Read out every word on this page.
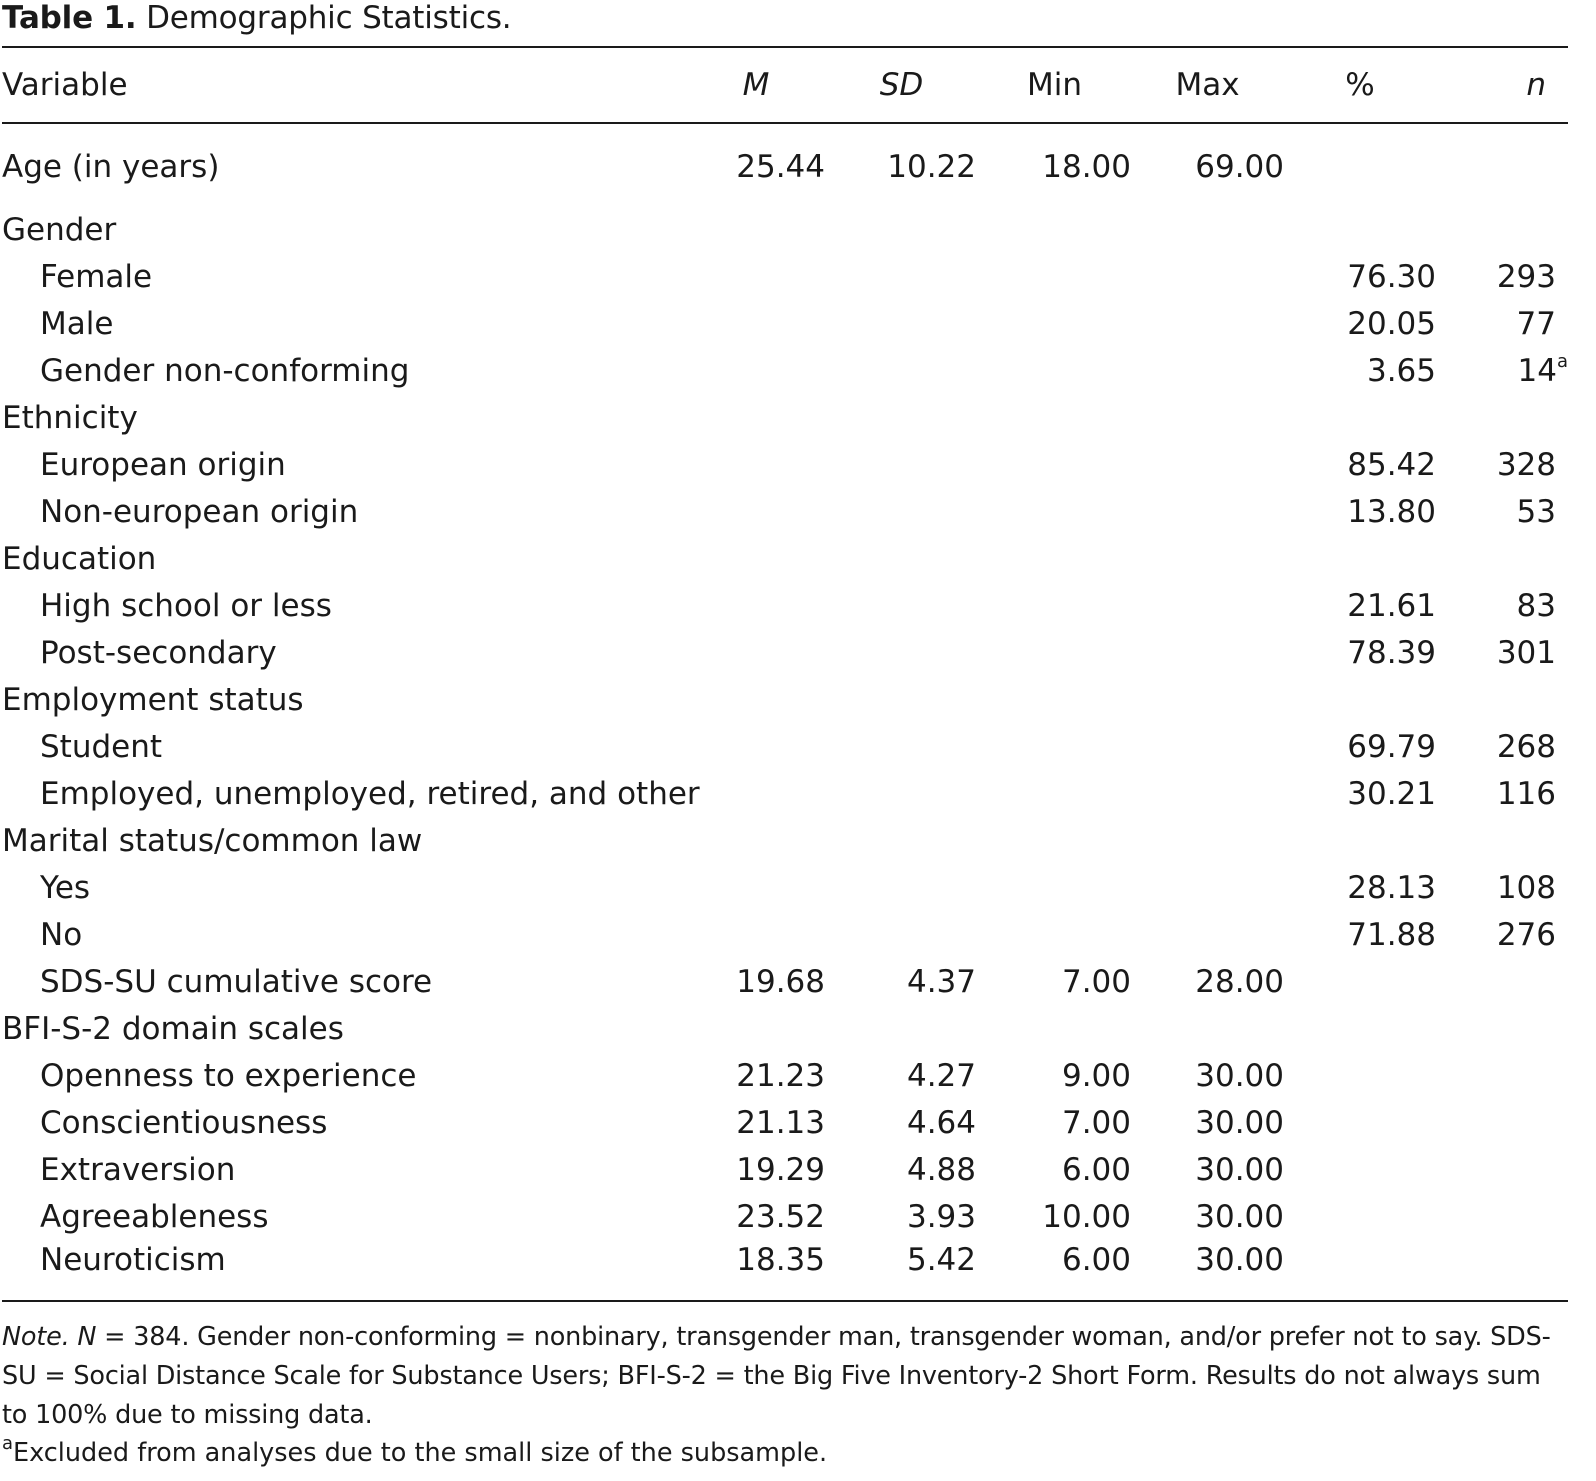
Table 1. Demographic Statistics.
Variable	M	SD	Min	Max	%	n
Age (in years)	25.44	10.22	18.00	69.00		
Gender						
Female					76.30	293
Male					20.05	77
Gender non-conforming					3.65	14$^a$
Ethnicity						
European origin					85.42	328
Non-european origin					13.80	53
Education						
High school or less					21.61	83
Post-secondary					78.39	301
Employment status						
Student					69.79	268
Employed, unemployed, retired, and other					30.21	116
Marital status/common law						
Yes					28.13	108
No					71.88	276
SDS-SU cumulative score	19.68	4.37	7.00	28.00		
BFI-S-2 domain scales						
Openness to experience	21.23	4.27	9.00	30.00		
Conscientiousness	21.13	4.64	7.00	30.00		
Extraversion	19.29	4.88	6.00	30.00		
Agreeableness	23.52	3.93	10.00	30.00		
Neuroticism	18.35	5.42	6.00	30.00		
Note. N = 384. Gender non-conforming = nonbinary, transgender man, transgender woman, and/or prefer not to say. SDS-SU = Social Distance Scale for Substance Users; BFI-S-2 = the Big Five Inventory-2 Short Form. Results do not always sum to 100% due to missing data.
$^a$Excluded from analyses due to the small size of the subsample.
